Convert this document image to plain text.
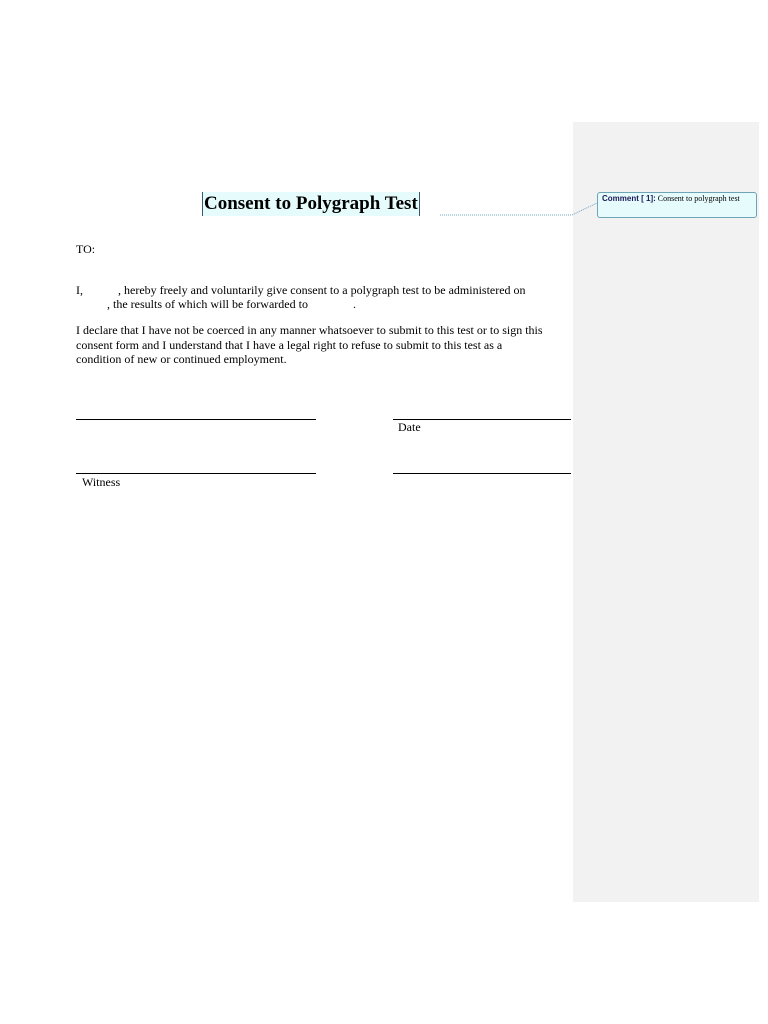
Consent to Polygraph Test	Comment [ 1]: Consent to polygraph test
TO:
I,	, hereby freely and voluntarily give consent to a polygraph test to be administered on
, the results of which will be forwarded to	.
I declare that I have not be coerced in any manner whatsoever to submit to this test or to sign this
consent form and I understand that I have a legal right to refuse to submit to this test as a
condition of new or continued employment.
Date
Witness
